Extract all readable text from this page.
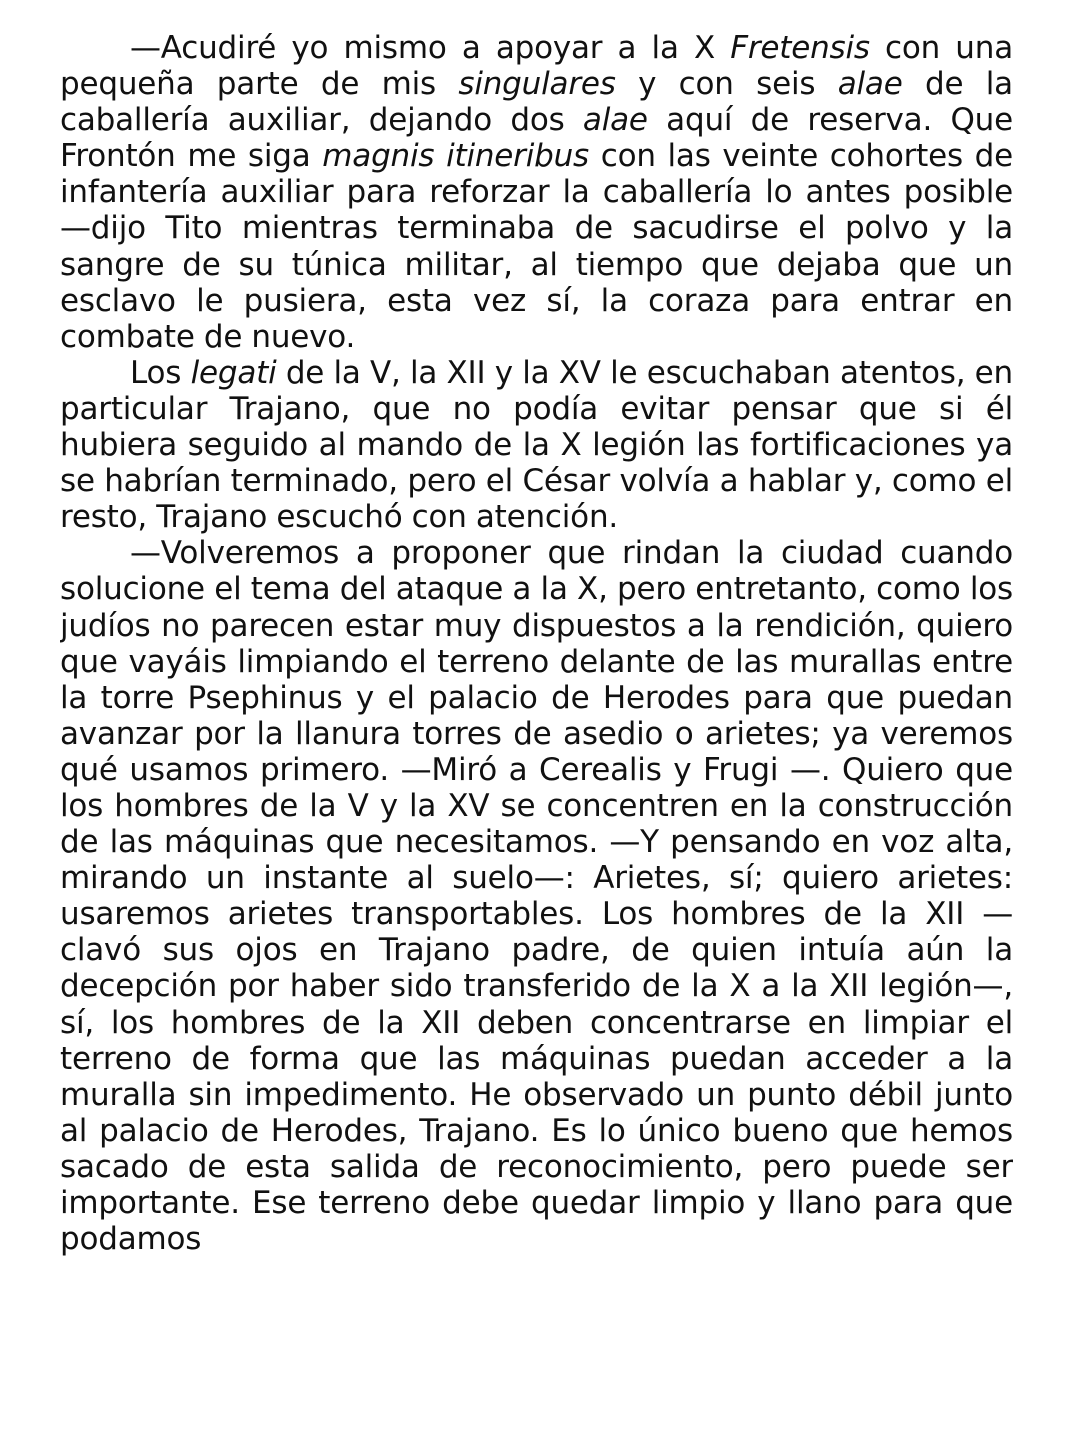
—Acudiré yo mismo a apoyar a la X Fretensis con una pequeña parte de mis singulares y con seis alae de la caballería auxiliar, dejando dos alae aquí de reserva. Que Frontón me siga magnis itineribus con las veinte cohortes de infantería auxiliar para reforzar la caballería lo antes posible —dijo Tito mientras terminaba de sacudirse el polvo y la sangre de su túnica militar, al tiempo que dejaba que un esclavo le pusiera, esta vez sí, la coraza para entrar en combate de nuevo.

Los legati de la V, la XII y la XV le escuchaban atentos, en particular Trajano, que no podía evitar pensar que si él hubiera seguido al mando de la X legión las fortificaciones ya se habrían terminado, pero el César volvía a hablar y, como el resto, Trajano escuchó con atención.

—Volveremos a proponer que rindan la ciudad cuando solucione el tema del ataque a la X, pero entretanto, como los judíos no parecen estar muy dispuestos a la rendición, quiero que vayáis limpiando el terreno delante de las murallas entre la torre Psephinus y el palacio de Herodes para que puedan avanzar por la llanura torres de asedio o arietes; ya veremos qué usamos primero. —Miró a Cerealis y Frugi —. Quiero que los hombres de la V y la XV se concentren en la construcción de las máquinas que necesitamos. —Y pensando en voz alta, mirando un instante al suelo—: Arietes, sí; quiero arietes: usaremos arietes transportables. Los hombres de la XII —clavó sus ojos en Trajano padre, de quien intuía aún la decepción por haber sido transferido de la X a la XII legión—, sí, los hombres de la XII deben concentrarse en limpiar el terreno de forma que las máquinas puedan acceder a la muralla sin impedimento. He observado un punto débil junto al palacio de Herodes, Trajano. Es lo único bueno que hemos sacado de esta salida de reconocimiento, pero puede ser importante. Ese terreno debe quedar limpio y llano para que podamos
